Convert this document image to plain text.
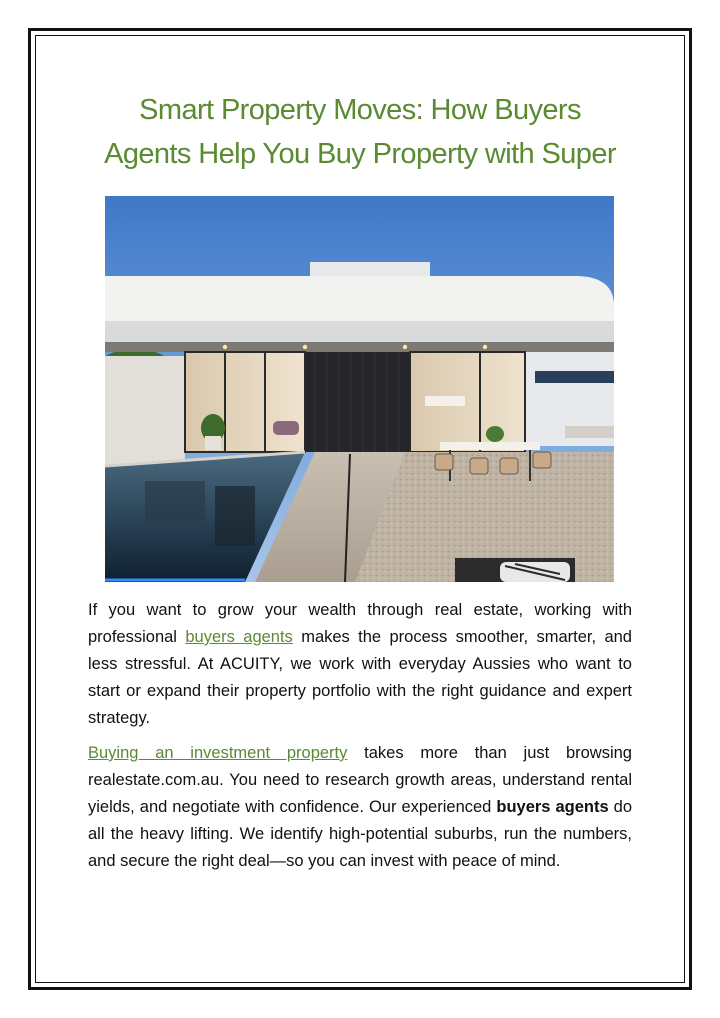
Smart Property Moves: How Buyers
Agents Help You Buy Property with Super

If you want to grow your wealth through real estate, working with professional buyers agents makes the process smoother, smarter, and less stressful. At ACUITY, we work with everyday Aussies who want to start or expand their property portfolio with the right guidance and expert strategy.

Buying an investment property takes more than just browsing realestate.com.au. You need to research growth areas, understand rental yields, and negotiate with confidence. Our experienced buyers agents do all the heavy lifting. We identify high-potential suburbs, run the numbers, and secure the right deal—so you can invest with peace of mind.
